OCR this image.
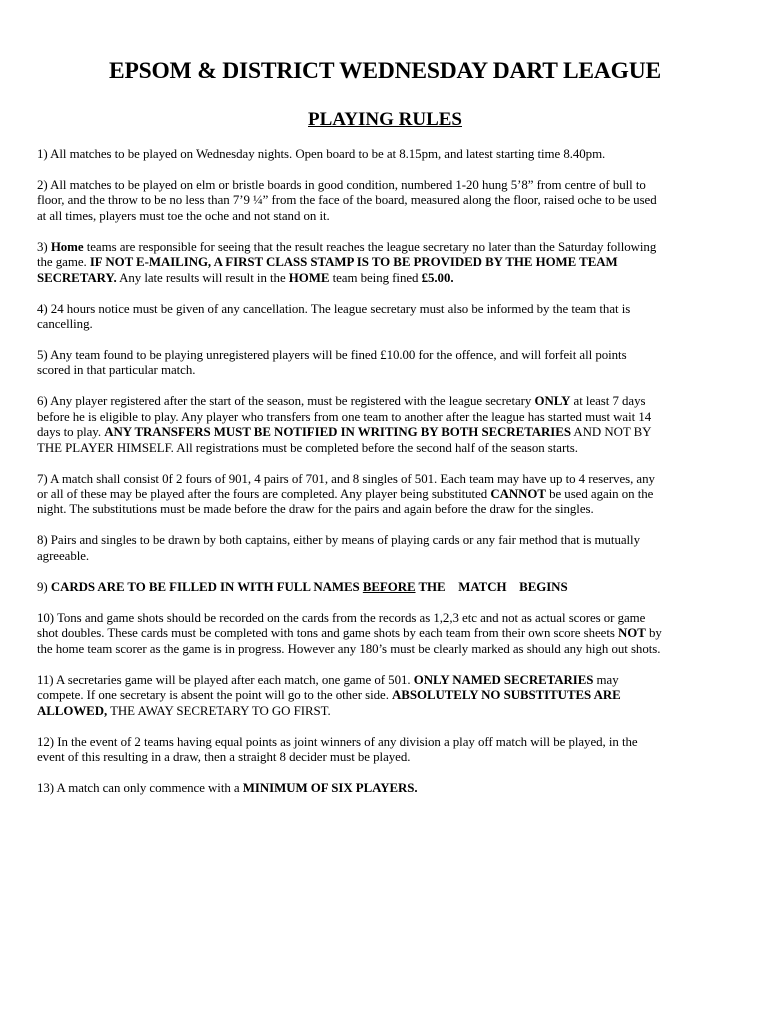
EPSOM & DISTRICT WEDNESDAY DART LEAGUE
PLAYING RULES
1) All matches to be played on Wednesday nights. Open board to be at 8.15pm, and latest starting time 8.40pm.
2) All matches to be played on elm or bristle boards in good condition, numbered 1-20 hung 5’8” from centre of bull to
floor, and the throw to be no less than 7’9 ¼” from the face of the board, measured along the floor, raised oche to be used
at all times, players must toe the oche and not stand on it.
3) Home teams are responsible for seeing that the result reaches the league secretary no later than the Saturday following
the game. IF NOT E-MAILING, A FIRST CLASS STAMP IS TO BE PROVIDED BY THE HOME TEAM
SECRETARY. Any late results will result in the HOME team being fined £5.00.
4) 24 hours notice must be given of any cancellation. The league secretary must also be informed by the team that is
cancelling.
5) Any team found to be playing unregistered players will be fined £10.00 for the offence, and will forfeit all points
scored in that particular match.
6) Any player registered after the start of the season, must be registered with the league secretary ONLY at least 7 days
before he is eligible to play. Any player who transfers from one team to another after the league has started must wait 14
days to play. ANY TRANSFERS MUST BE NOTIFIED IN WRITING BY BOTH SECRETARIES AND NOT BY
THE PLAYER HIMSELF. All registrations must be completed before the second half of the season starts.
7) A match shall consist 0f 2 fours of 901, 4 pairs of 701, and 8 singles of 501. Each team may have up to 4 reserves, any
or all of these may be played after the fours are completed. Any player being substituted CANNOT be used again on the
night. The substitutions must be made before the draw for the pairs and again before the draw for the singles.
8) Pairs and singles to be drawn by both captains, either by means of playing cards or any fair method that is mutually
agreeable.
9) CARDS ARE TO BE FILLED IN WITH FULL NAMES BEFORE THE    MATCH    BEGINS
10) Tons and game shots should be recorded on the cards from the records as 1,2,3 etc and not as actual scores or game
shot doubles. These cards must be completed with tons and game shots by each team from their own score sheets NOT by
the home team scorer as the game is in progress. However any 180’s must be clearly marked as should any high out shots.
11) A secretaries game will be played after each match, one game of 501. ONLY NAMED SECRETARIES may
compete. If one secretary is absent the point will go to the other side. ABSOLUTELY NO SUBSTITUTES ARE
ALLOWED, THE AWAY SECRETARY TO GO FIRST.
12) In the event of 2 teams having equal points as joint winners of any division a play off match will be played, in the
event of this resulting in a draw, then a straight 8 decider must be played.
13) A match can only commence with a MINIMUM OF SIX PLAYERS.
